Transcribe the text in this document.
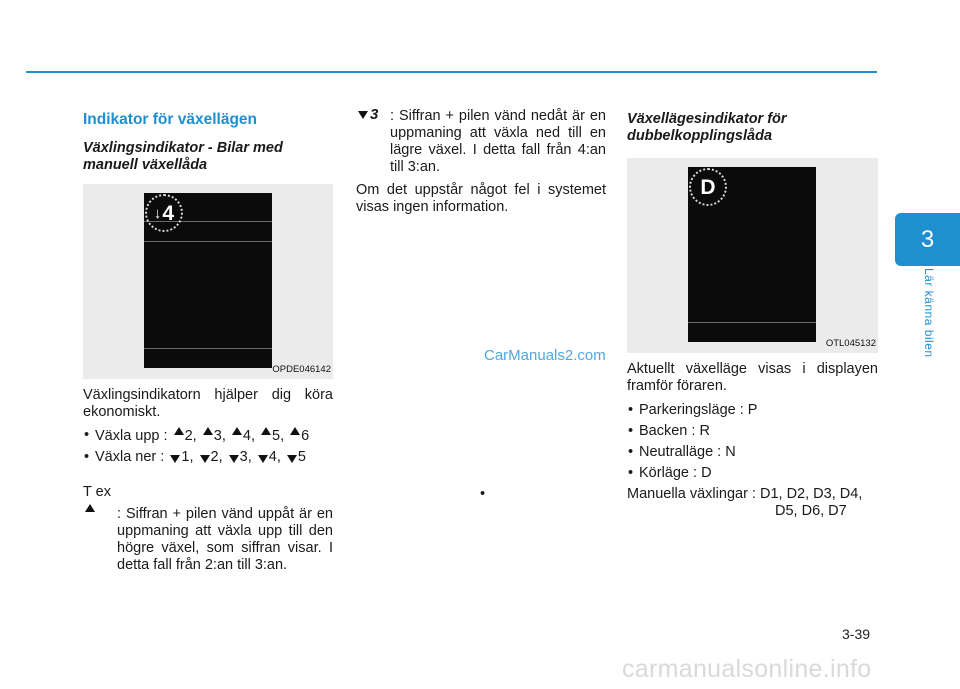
3
Lär känna bilen
Indikator för växellägen
Växlingsindikator - Bilar med manuell växellåda
↓ 4
OPDE046142

Växlingsindikatorn hjälper dig köra ekonomiskt.

• Växla upp : 2, 3, 4, 5, 6
• Växla ner : 1, 2, 3, 4, 5

T ex

: Siffran + pilen vänd uppåt är en uppmaning att växla upp till den högre växel, som siffran visar. I detta fall från 2:an till 3:an.
3 : Siffran + pilen vänd nedåt är en uppmaning att växla ned till en lägre växel. I detta fall från 4:an till 3:an.

Om det uppstår något fel i systemet visas ingen information.

Växellägesindikator för dubbelkopplingslåda
D
OTL045132

Aktuellt växelläge visas i displayen framför föraren.

• Parkeringsläge : P
• Backen : R
• Neutralläge : N
• Körläge : D
• Manuella växlingar : D1, D2, D3, D4, D5, D6, D7
CarManuals2.com
3-39
carmanualsonline.info
